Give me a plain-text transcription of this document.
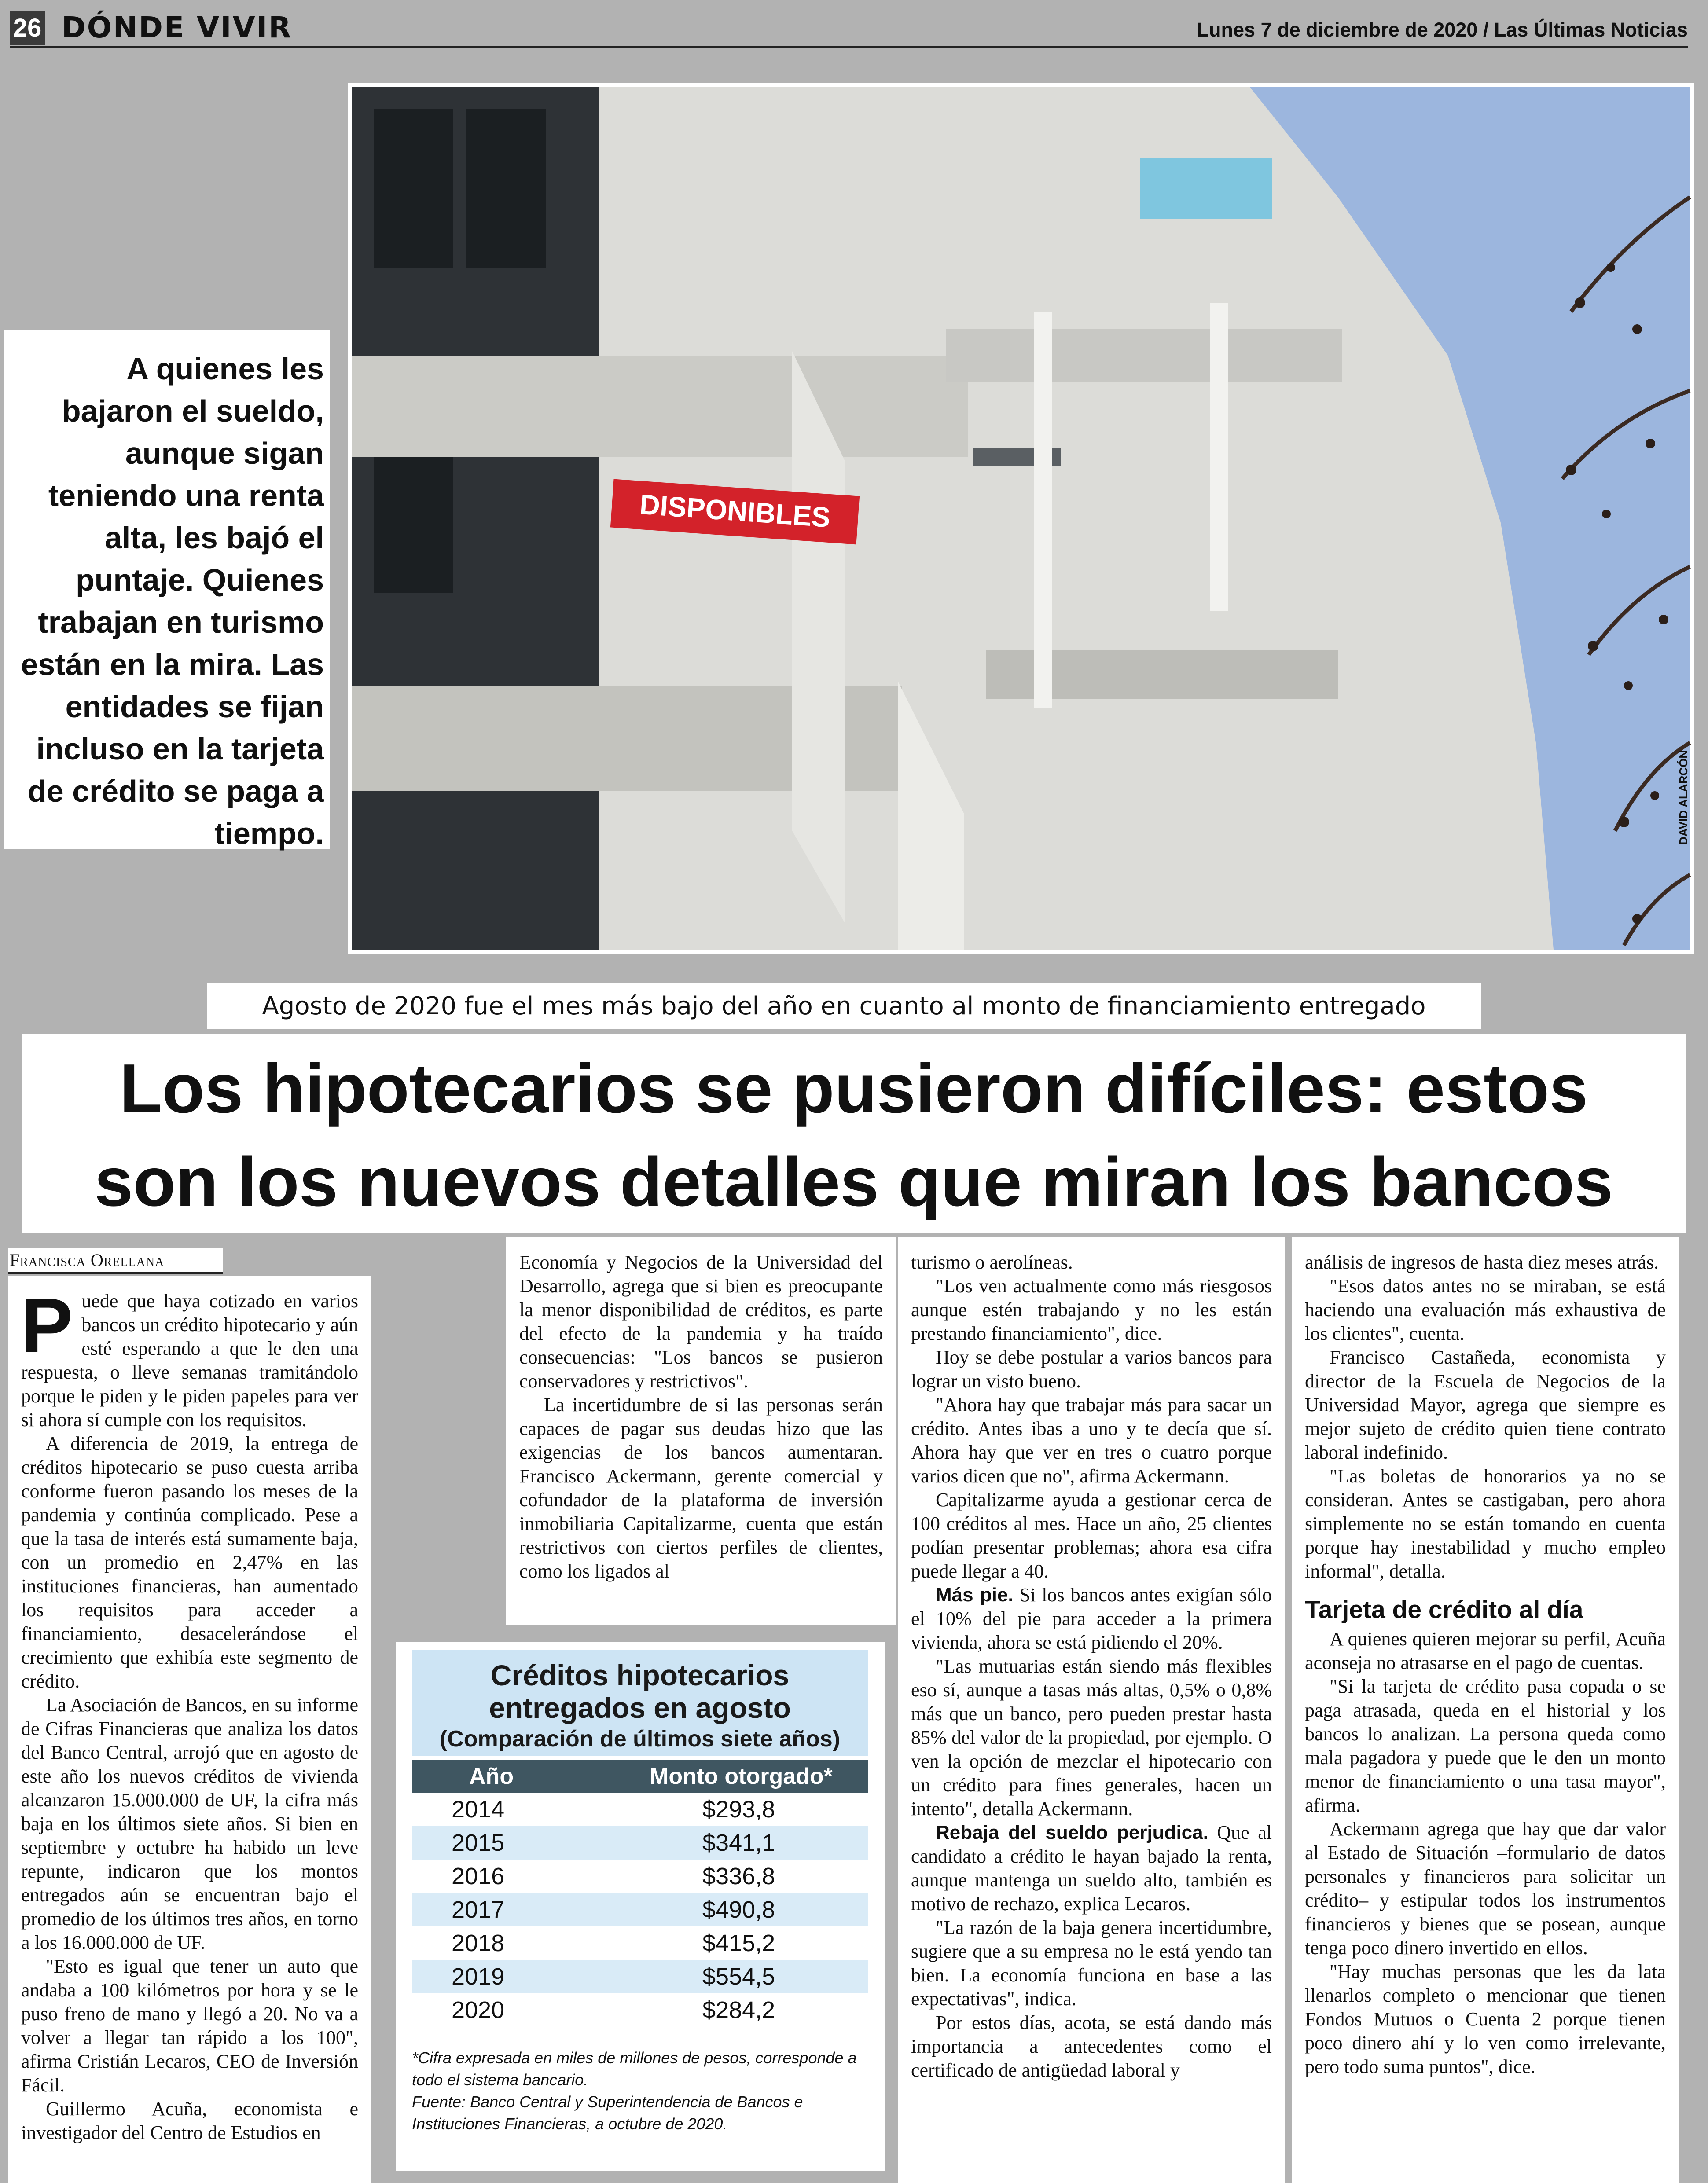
26 DÓNDE VIVIR	Lunes 7 de diciembre de 2020 / Las Últimas Noticias
DISPONIBLES
DAVID ALARCÓN
A quienes les bajaron el sueldo, aunque sigan teniendo una renta alta, les bajó el puntaje. Quienes trabajan en turismo están en la mira. Las entidades se fijan incluso en la tarjeta de crédito se paga a tiempo.
Agosto de 2020 fue el mes más bajo del año en cuanto al monto de financiamiento entregado
Los hipotecarios se pusieron difíciles: estos
son los nuevos detalles que miran los bancos
Francisca Orellana
P uede que haya cotizado en varios bancos un crédito hipotecario y aún esté esperando a que le den una respuesta, o lleve semanas tramitándolo porque le piden y le piden papeles para ver si ahora sí cumple con los requisitos.

A diferencia de 2019, la entrega de créditos hipotecario se puso cuesta arriba conforme fueron pasando los meses de la pandemia y continúa complicado. Pese a que la tasa de interés está sumamente baja, con un promedio en 2,47% en las instituciones financieras, han aumentado los requisitos para acceder a financiamiento, desacelerándose el crecimiento que exhibía este segmento de crédito.

La Asociación de Bancos, en su informe de Cifras Financieras que analiza los datos del Banco Central, arrojó que en agosto de este año los nuevos créditos de vivienda alcanzaron 15.000.000 de UF, la cifra más baja en los últimos siete años. Si bien en septiembre y octubre ha habido un leve repunte, indicaron que los montos entregados aún se encuentran bajo el promedio de los últimos tres años, en torno a los 16.000.000 de UF.

"Esto es igual que tener un auto que andaba a 100 kilómetros por hora y se le puso freno de mano y llegó a 20. No va a volver a llegar tan rápido a los 100", afirma Cristián Lecaros, CEO de Inversión Fácil.

Guillermo Acuña, economista e investigador del Centro de Estudios en

Economía y Negocios de la Universidad del Desarrollo, agrega que si bien es preocupante la menor disponibilidad de créditos, es parte del efecto de la pandemia y ha traído consecuencias: "Los bancos se pusieron conservadores y restrictivos".

La incertidumbre de si las personas serán capaces de pagar sus deudas hizo que las exigencias de los bancos aumentaran. Francisco Ackermann, gerente comercial y cofundador de la plataforma de inversión inmobiliaria Capitalizarme, cuenta que están restrictivos con ciertos perfiles de clientes, como los ligados al

Créditos hipotecarios
entregados en agosto
(Comparación de últimos siete años)
Año	Monto otorgado*
2014	$293,8
2015	$341,1
2016	$336,8
2017	$490,8
2018	$415,2
2019	$554,5
2020	$284,2
*Cifra expresada en miles de millones de pesos, corresponde a todo el sistema bancario.
Fuente: Banco Central y Superintendencia de Bancos e Instituciones Financieras, a octubre de 2020.

turismo o aerolíneas.

"Los ven actualmente como más riesgosos aunque estén trabajando y no les están prestando financiamiento", dice.

Hoy se debe postular a varios bancos para lograr un visto bueno.

"Ahora hay que trabajar más para sacar un crédito. Antes ibas a uno y te decía que sí. Ahora hay que ver en tres o cuatro porque varios dicen que no", afirma Ackermann.

Capitalizarme ayuda a gestionar cerca de 100 créditos al mes. Hace un año, 25 clientes podían presentar problemas; ahora esa cifra puede llegar a 40.

Más pie. Si los bancos antes exigían sólo el 10% del pie para acceder a la primera vivienda, ahora se está pidiendo el 20%.

"Las mutuarias están siendo más flexibles eso sí, aunque a tasas más altas, 0,5% o 0,8% más que un banco, pero pueden prestar hasta 85% del valor de la propiedad, por ejemplo. O ven la opción de mezclar el hipotecario con un crédito para fines generales, hacen un intento", detalla Ackermann.

Rebaja del sueldo perjudica. Que al candidato a crédito le hayan bajado la renta, aunque mantenga un sueldo alto, también es motivo de rechazo, explica Lecaros.

"La razón de la baja genera incertidumbre, sugiere que a su empresa no le está yendo tan bien. La economía funciona en base a las expectativas", indica.

Por estos días, acota, se está dando más importancia a antecedentes como el certificado de antigüedad laboral y

análisis de ingresos de hasta diez meses atrás.

"Esos datos antes no se miraban, se está haciendo una evaluación más exhaustiva de los clientes", cuenta.

Francisco Castañeda, economista y director de la Escuela de Negocios de la Universidad Mayor, agrega que siempre es mejor sujeto de crédito quien tiene contrato laboral indefinido.

"Las boletas de honorarios ya no se consideran. Antes se castigaban, pero ahora simplemente no se están tomando en cuenta porque hay inestabilidad y mucho empleo informal", detalla.

Tarjeta de crédito al día

A quienes quieren mejorar su perfil, Acuña aconseja no atrasarse en el pago de cuentas.

"Si la tarjeta de crédito pasa copada o se paga atrasada, queda en el historial y los bancos lo analizan. La persona queda como mala pagadora y puede que le den un monto menor de financiamiento o una tasa mayor", afirma.

Ackermann agrega que hay que dar valor al Estado de Situación –formulario de datos personales y financieros para solicitar un crédito– y estipular todos los instrumentos financieros y bienes que se posean, aunque tenga poco dinero invertido en ellos.

"Hay muchas personas que les da lata llenarlos completo o mencionar que tienen Fondos Mutuos o Cuenta 2 porque tienen poco dinero ahí y lo ven como irrelevante, pero todo suma puntos", dice.
